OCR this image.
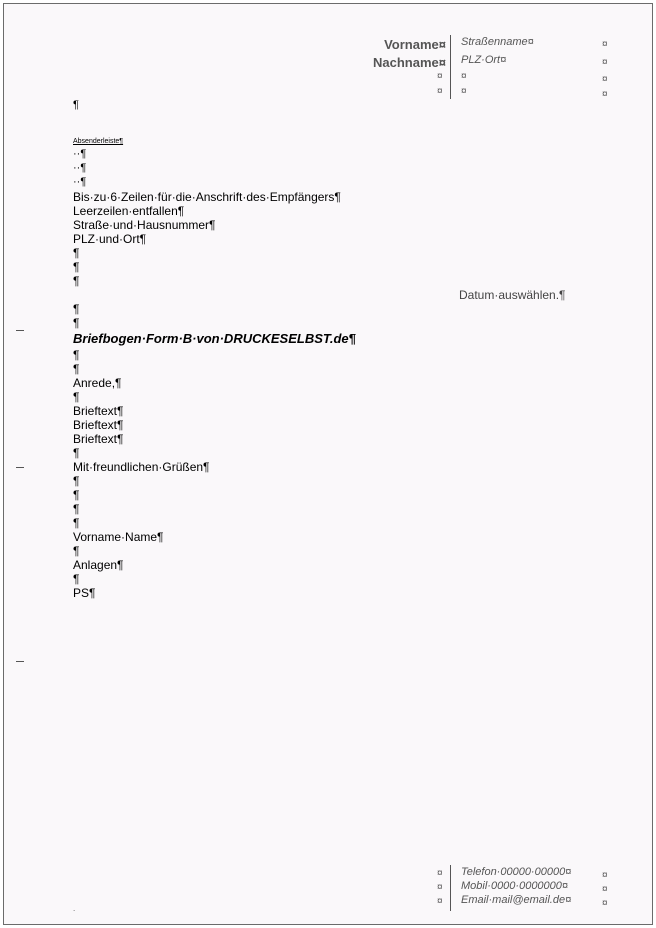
Vorname¤
Nachname¤
¤
¤
Straßenname¤
PLZ·Ort¤
¤
¤
¤
¤
¤
¤
¶
Absenderleiste¶
··¶
··¶
··¶
Bis·zu·6·Zeilen·für·die·Anschrift·des·Empfängers¶
Leerzeilen·entfallen¶
Straße·und·Hausnummer¶
PLZ·und·Ort¶
¶
¶
¶
Datum·auswählen.¶
¶
¶
Briefbogen·Form·B·von·DRUCKESELBST.de¶
¶
¶
Anrede,¶
¶
Brieftext¶
Brieftext¶
Brieftext¶
¶
Mit·freundlichen·Grüßen¶
¶
¶
¶
¶
Vorname·Name¶
¶
Anlagen¶
¶
PS¶
¤
¤
¤
Telefon·00000·00000¤
Mobil·0000·0000000¤
Email·mail@email.de¤
¤
¤
¤
.
